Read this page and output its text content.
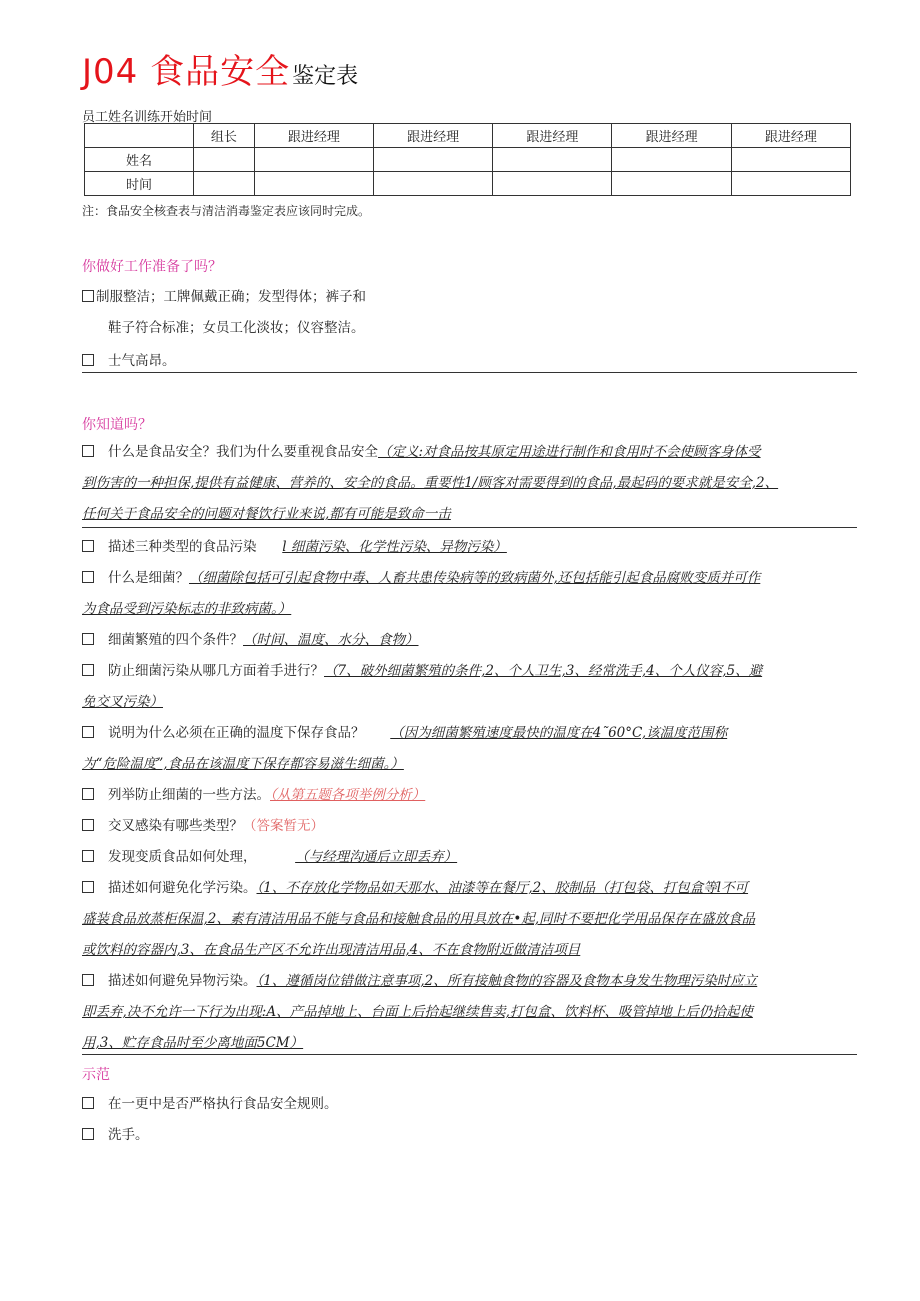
J04 食品安全鉴定表
员工姓名训练开始时间
	组长	跟进经理	跟进经理	跟进经理	跟进经理	跟进经理
姓名						
时间						
注：食品安全核查表与清洁消毒鉴定表应该同时完成。
你做好工作准备了吗？
制服整洁；工牌佩戴正确；发型得体；裤子和
鞋子符合标准；女员工化淡妆；仪容整洁。
士气高昂。
你知道吗？
什么是食品安全？我们为什么要重视食品安全（定义:对食品按其原定用途进行制作和食用时不会使顾客身体受
到伤害的一种担保,提供有益健康、营养的、安全的食品。重要性1/顾客对需要得到的食品,最起码的要求就是安全,2、
任何关于食品安全的问题对餐饮行业来说,都有可能是致命一击
描述三种类型的食品污染 l 细菌污染、化学性污染、异物污染）
什么是细菌？（细菌除包括可引起食物中毒、人畜共患传染病等的致病菌外,还包括能引起食品腐败变质并可作
为食品受到污染标志的非致病菌。）
细菌繁殖的四个条件？（时间、温度、水分、食物）
防止细菌污染从哪几方面着手进行？（7、破外细菌繁殖的条件,2、个人卫生,3、经常洗手,4、个人仪容,5、避
免交叉污染）
说明为什么必须在正确的温度下保存食品？ （因为细菌繁殖速度最快的温度在4˜60°C,该温度范围称
为“危险温度”,食品在该温度下保存都容易滋生细菌。）
列举防止细菌的一些方法。（从第五题各项举例分析）
交叉感染有哪些类型？（答案暂无）
发现变质食品如何处理，	（与经理沟通后立即丢弃）
描述如何避免化学污染。（1、不存放化学物品如天那水、油漆等在餐厅,2、胶制品（打包袋、打包盒等l不可
盛装食品放蒸柜保温,2、素有清洁用品不能与食品和接触食品的用具放在•起,同时不要把化学用品保存在盛放食品
或饮料的容器内,3、在食品生产区不允许出现清洁用品,4、不在食物附近做清洁项目
描述如何避免异物污染。（1、遵循岗位错做注意事项,2、所有接触食物的容器及食物本身发生物理污染时应立
即丢弃,决不允许一下行为出现:A、产品掉地上、台面上后拾起继续售卖,打包盒、饮料杯、吸管掉地上后仍拾起使
用,3、贮存食品时至少离地面5CM）
示范
在一更中是否严格执行食品安全规则。
洗手。
